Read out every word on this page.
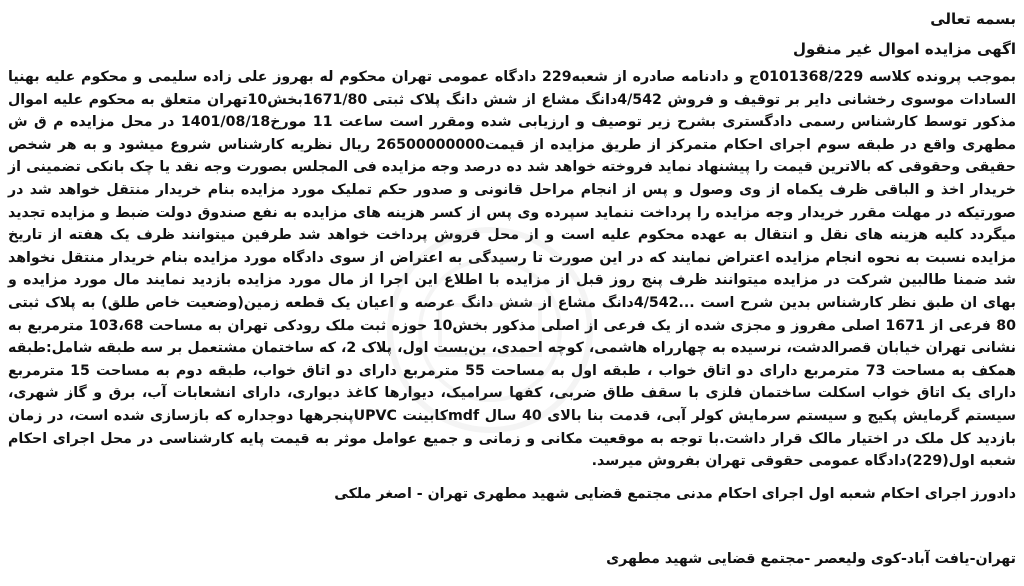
بسمه تعالی
اگهی مزایده اموال غیر منقول
بموجب پرونده کلاسه 0101368/229ج و دادنامه صادره از شعبه229 دادگاه عمومی تهران محکوم له بهروز علی زاده سلیمی و محکوم علیه بهنیا السادات موسوی رخشانی دایر بر توقیف و فروش 4/542دانگ مشاع از شش دانگ پلاک ثبتی 1671/80بخش10تهران متعلق به محکوم علیه اموال مذکور توسط کارشناس رسمی دادگستری بشرح زیر توصیف و ارزیابی شده ومقرر است ساعت 11 مورخ1401/08/18 در محل مزایده م ق ش مطهری واقع در طبقه سوم اجرای احکام متمرکز از طریق مزایده از قیمت26500000000 ریال نظریه کارشناس شروع میشود و به هر شخص حقیقی وحقوقی که بالاترین قیمت را پیشنهاد نماید فروخته خواهد شد ده درصد وجه مزایده فی المجلس بصورت وجه نقد یا چک بانکی تضمینی از خریدار اخذ و الباقی ظرف یکماه از وی وصول و پس از انجام مراحل قانونی و صدور حکم تملیک مورد مزایده بنام خریدار منتقل خواهد شد در صورتیکه در مهلت مقرر خریدار وجه مزایده را پرداخت ننماید سپرده وی پس از کسر هزینه های مزایده به نفع صندوق دولت ضبط و مزایده تجدید میگردد کلیه هزینه های نقل و انتقال به عهده محکوم علیه است و از محل فروش پرداخت خواهد شد طرفین میتوانند ظرف یک هفته از تاریخ مزایده نسبت به نحوه انجام مزایده اعتراض نمایند که در این صورت تا رسیدگی به اعتراض از سوی دادگاه مورد مزایده بنام خریدار منتقل نخواهد شد ضمنا طالبین شرکت در مزایده میتوانند ظرف پنج روز قبل از مزایده با اطلاع این اجرا از مال مورد مزایده بازدید نمایند مال مورد مزایده و بهای ان طبق نظر کارشناس بدین شرح است ...4/542دانگ مشاع از شش دانگ عرصه و اعیان یک قطعه زمین(وضعیت خاص طلق) به پلاک ثبتی 80 فرعی از 1671 اصلی مفروز و مجزی شده از یک فرعی از اصلی مذکور بخش10 حوزه ثبت ملک رودکی تهران به مساحت 103،68 مترمربع به نشانی تهران خیابان قصرالدشت، نرسیده به چهارراه هاشمی، کوچه احمدی، بن‌بست اول، پلاک 2، که ساختمان مشتعمل بر سه طبقه شامل:طبقه همکف به مساحت 73 مترمربع دارای دو اتاق خواب ، طبقه اول به مساحت 55 مترمربع دارای دو اتاق خواب، طبقه دوم به مساحت 15 مترمربع دارای یک اتاق خواب اسکلت ساختمان فلزی با سقف طاق ضربی، کفها سرامیک، دیوارها کاغذ دیواری، دارای انشعابات آب، برق و گاز شهری، سیستم گرمایش پکیج و سیستم سرمایش کولر آبی، قدمت بنا بالای 40 سال mdfکابینت UPVCپنجرهها دوجداره که بازسازی شده است، در زمان بازدید کل ملک در اختیار مالک قرار داشت.با توجه به موقعیت مکانی و زمانی و جمیع عوامل موثر به قیمت پایه کارشناسی در محل اجرای احکام شعبه اول(229)دادگاه عمومی حقوقی تهران بفروش میرسد.
دادورز اجرای احکام شعبه اول اجرای احکام مدنی مجتمع قضایی شهید مطهری تهران - اصغر ملکی
تهران-یافت آباد-کوی ولیعصر -مجتمع قضایی شهید مطهری
